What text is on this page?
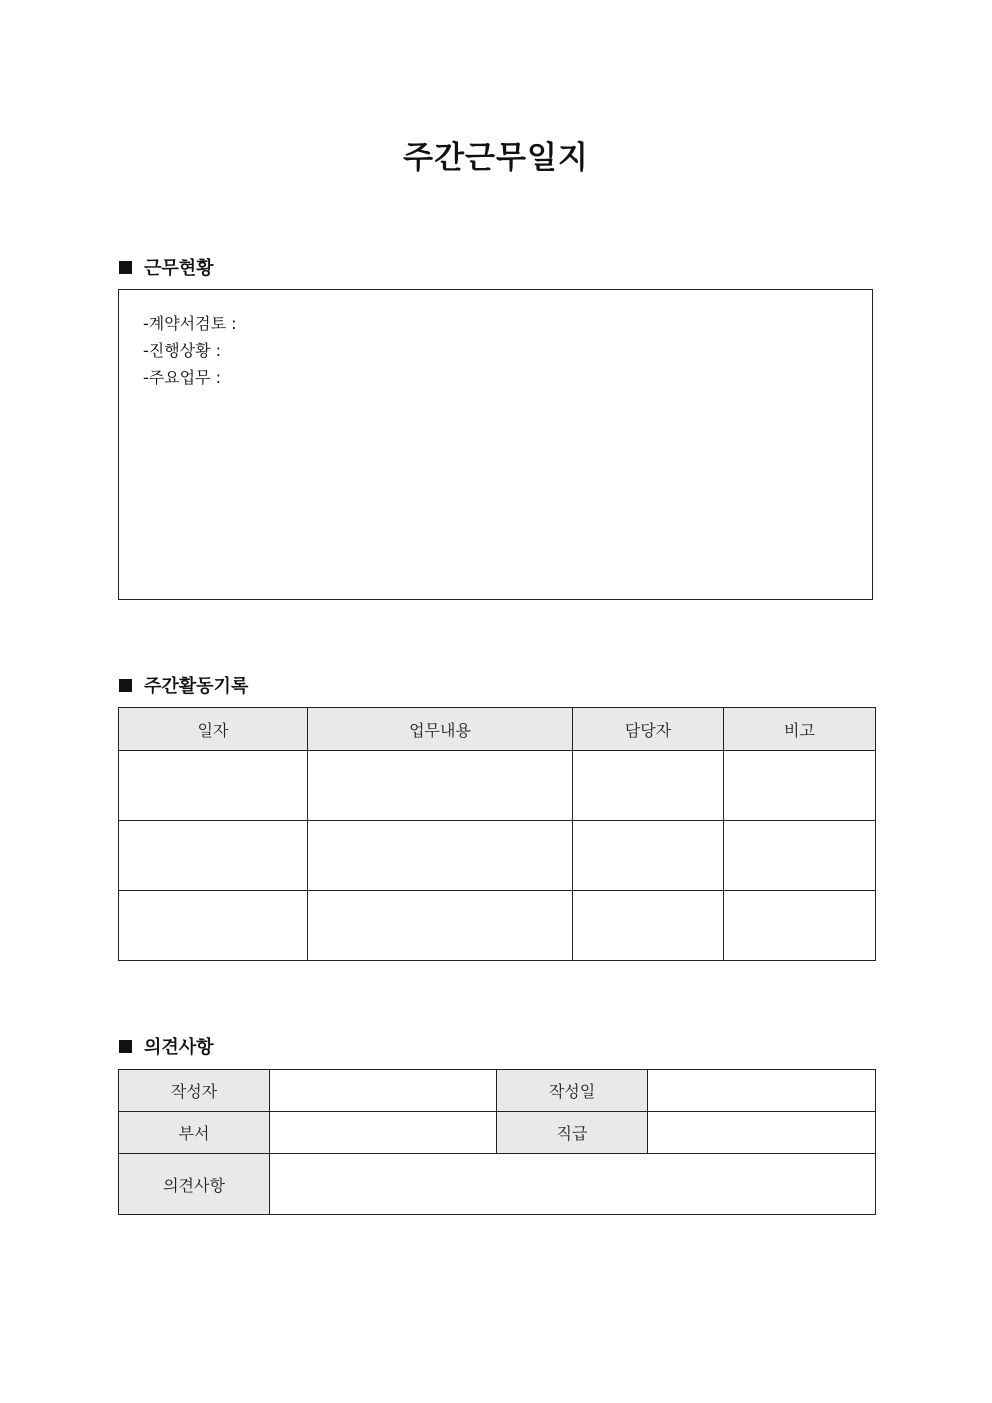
주간근무일지
근무현황
-계약서검토 :
-진행상황 :
-주요업무 :
주간활동기록
일자	업무내용	담당자	비고

의견사항
작성자		작성일	
부서		직급	
의견사항			
